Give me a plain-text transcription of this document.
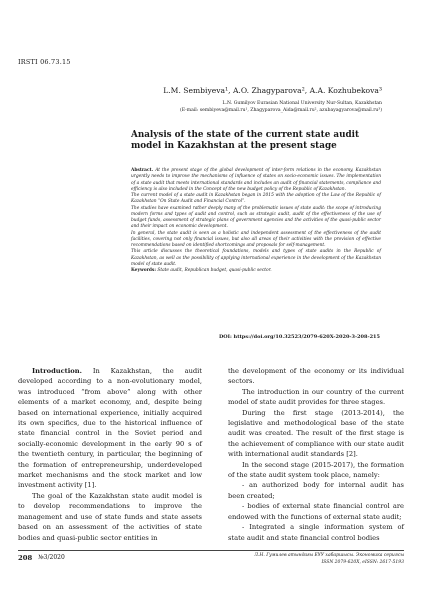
IRSTI 06.73.15
L.M. Sembiyeva¹, A.O. Zhagyparova², A.A. Kozhubekova³
L.N. Gumilyov Eurasian National University Nur-Sultan, Kazakhstan
(E-mail: sembiyeva@mail.ru¹, Zhagyparova_Aida@mail.ru², azubayagyarova@mail.ru³)
Analysis of the state of the current state audit model in Kazakhstan at the present stage

Abstract. At the present stage of the global development of inter-form relations in the economy, Kazakhstan urgently needs to improve the mechanisms of influence of states on socio-economic issues. The implementation of a state audit that meets international standards and includes an audit of financial statements, compliance and efficiency is also included in the Concept of the new budget policy of the Republic of Kazakhstan.

The current model of a state audit in Kazakhstan began in 2015 with the adoption of the Law of the Republic of Kazakhstan “On State Audit and Financial Control”.

The studies have examined rather deeply many of the problematic issues of state audit: the scope of introducing modern forms and types of audit and control, such as strategic audit, audit of the effectiveness of the use of budget funds, assessment of strategic plans of government agencies and the activities of the quasi-public sector and their impact on economic development.

In general, the state audit is seen as a holistic and independent assessment of the effectiveness of the audit facilities, covering not only financial issues, but also all areas of their activities with the provision of effective recommendations based on identified shortcomings and proposals for self-management.

This article discusses the theoretical foundations, models and types of state audits in the Republic of Kazakhstan, as well as the possibility of applying international experience in the development of the Kazakhstan model of state audit.

Keywords: State audit, Republican budget, quasi-public sector.

DOI: https://doi.org/10.32523/2079-620X-2020-3-208-215

Introduction. In Kazakhstan, the audit developed according to a non-evolutionary model, was introduced “from above” along with other elements of a market economy, and, despite being based on international experience, initially acquired its own specifics, due to the historical influence of state financial control in the Soviet period and socially-economic development in the early 90 s of the twentieth century, in particular, the beginning of the formation of entrepreneurship, underdeveloped market mechanisms and the stock market and low investment activity [1].

The goal of the Kazakhstan state audit model is to develop recommendations to improve the management and use of state funds and state assets based on an assessment of the activities of state bodies and quasi-public sector entities in

the development of the economy or its individual sectors.

The introduction in our country of the current model of state audit provides for three stages.

During the first stage (2013-2014), the legislative and methodological base of the state audit was created. The result of the first stage is the achievement of compliance with our state audit with international audit standards [2].

In the second stage (2015-2017), the formation of the state audit system took place, namely:

- an authorized body for internal audit has been created;

- bodies of external state financial control are endowed with the functions of external state audit;

- Integrated a single information system of state audit and state financial control bodies

208 №3/2020	Л.Н. Гумилев атындағы ЕҰУ хабаршысы. Экономика сериясы
ISSN 2079-620X, eISSN: 2617-5193
